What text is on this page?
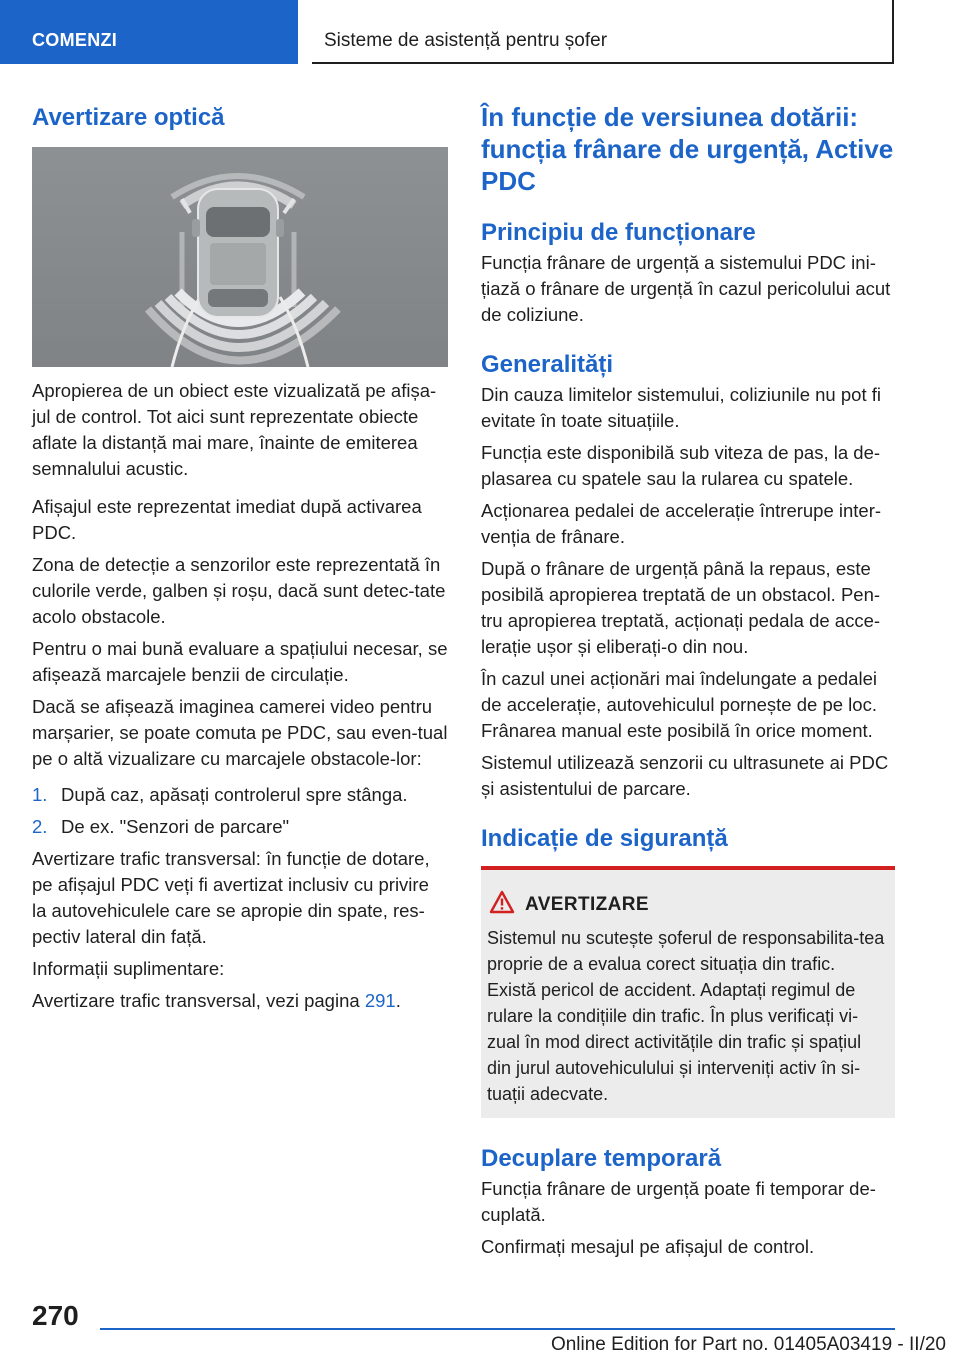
COMENZI	Sisteme de asistență pentru șofer
Avertizare optică

Apropierea de un obiect este vizualizată pe afișa-jul de control. Tot aici sunt reprezentate obiecte aflate la distanță mai mare, înainte de emiterea semnalului acustic.

Afișajul este reprezentat imediat după activarea PDC.

Zona de detecție a senzorilor este reprezentată în culorile verde, galben și roșu, dacă sunt detec-tate acolo obstacole.

Pentru o mai bună evaluare a spațiului necesar, se afișează marcajele benzii de circulație.

Dacă se afișează imaginea camerei video pentru marșarier, se poate comuta pe PDC, sau even-tual pe o altă vizualizare cu marcajele obstacole-lor:

1. După caz, apăsați controlerul spre stânga.
2. De ex. "Senzori de parcare"

Avertizare trafic transversal: în funcție de dotare, pe afișajul PDC veți fi avertizat inclusiv cu privire la autovehiculele care se apropie din spate, res-pectiv lateral din față.

Informații suplimentare:

Avertizare trafic transversal, vezi pagina 291.

În funcție de versiunea dotării: funcția frânare de urgență, Active PDC
Principiu de funcționare

Funcția frânare de urgență a sistemului PDC ini-țiază o frânare de urgență în cazul pericolului acut de coliziune.

Generalități

Din cauza limitelor sistemului, coliziunile nu pot fi evitate în toate situațiile.

Funcția este disponibilă sub viteza de pas, la de-plasarea cu spatele sau la rularea cu spatele.

Acționarea pedalei de accelerație întrerupe inter-venția de frânare.

După o frânare de urgență până la repaus, este posibilă apropierea treptată de un obstacol. Pen-tru apropierea treptată, acționați pedala de acce-lerație ușor și eliberați-o din nou.

În cazul unei acționări mai îndelungate a pedalei de accelerație, autovehiculul pornește de pe loc. Frânarea manual este posibilă în orice moment.

Sistemul utilizează senzorii cu ultrasunete ai PDC și asistentului de parcare.

Indicație de siguranță
AVERTIZARE
Sistemul nu scutește șoferul de responsabilita-tea proprie de a evalua corect situația din trafic. Există pericol de accident. Adaptați regimul de rulare la condițiile din trafic. În plus verificați vi-zual în mod direct activitățile din trafic și spațiul din jurul autovehiculului și interveniți activ în si-tuații adecvate.
Decuplare temporară

Funcția frânare de urgență poate fi temporar de-cuplată.

Confirmați mesajul pe afișajul de control.

270
Online Edition for Part no. 01405A03419 - II/20
